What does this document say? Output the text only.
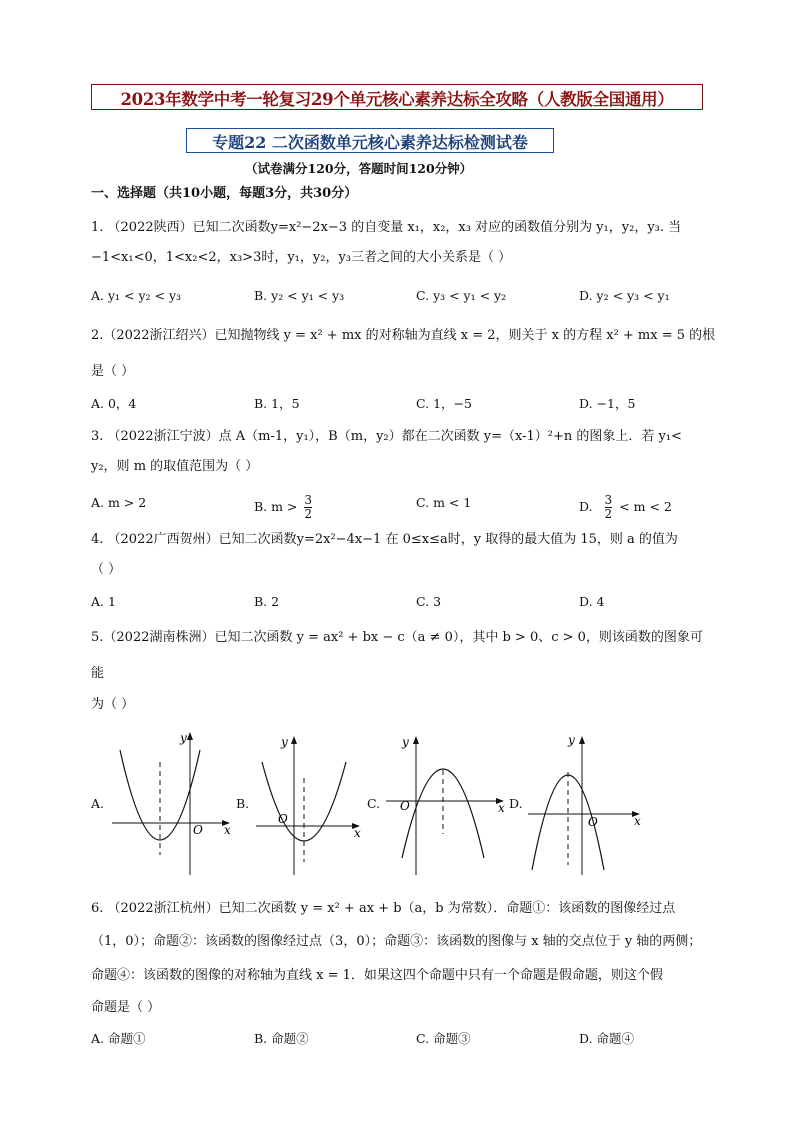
2023年数学中考一轮复习29个单元核心素养达标全攻略（人教版全国通用）
专题22 二次函数单元核心素养达标检测试卷
（试卷满分120分，答题时间120分钟）
一、选择题（共10小题，每题3分，共30分）
1. （2022陕西）已知二次函数y=x²−2x−3 的自变量 x₁，x₂，x₃ 对应的函数值分别为 y₁，y₂，y₃. 当
−1<x₁<0，1<x₂<2，x₃>3时，y₁，y₂，y₃三者之间的大小关系是（ ）
A. y₁ < y₂ < y₃	B. y₂ < y₁ < y₃	C. y₃ < y₁ < y₂	D. y₂ < y₃ < y₁
2.（2022浙江绍兴）已知抛物线 y = x² + mx 的对称轴为直线 x = 2，则关于 x 的方程 x² + mx = 5 的根
是（ ）
A. 0，4	B. 1，5	C. 1，−5	D. −1，5
3. （2022浙江宁波）点 A（m-1，y₁），B（m，y₂）都在二次函数 y=（x-1）²+n 的图象上．若 y₁<
y₂，则 m 的取值范围为（ ）
A. m > 2	B. $m > \frac{3}{2}$	C. m < 1	D. $\frac{3}{2} < m < 2$
4. （2022广西贺州）已知二次函数y=2x²−4x−1 在 0≤x≤a时，y 取得的最大值为 15，则 a 的值为
（ ）
A. 1	B. 2	C. 3	D. 4
5.（2022湖南株洲）已知二次函数 y = ax² + bx − c（a ≠ 0），其中 b > 0、c > 0，则该函数的图象可
能
为（ ）
A.	B.	C.	D.
x
y
O	x
y
O
x
y
O
x
y
O
6. （2022浙江杭州）已知二次函数 y = x² + ax + b（a，b 为常数）．命题①：该函数的图像经过点
（1，0）；命题②：该函数的图像经过点（3，0）；命题③：该函数的图像与 x 轴的交点位于 y 轴的两侧；
命题④：该函数的图像的对称轴为直线 x = 1．如果这四个命题中只有一个命题是假命题，则这个假
命题是（ ）
A. 命题①	B. 命题②	C. 命题③	D. 命题④
